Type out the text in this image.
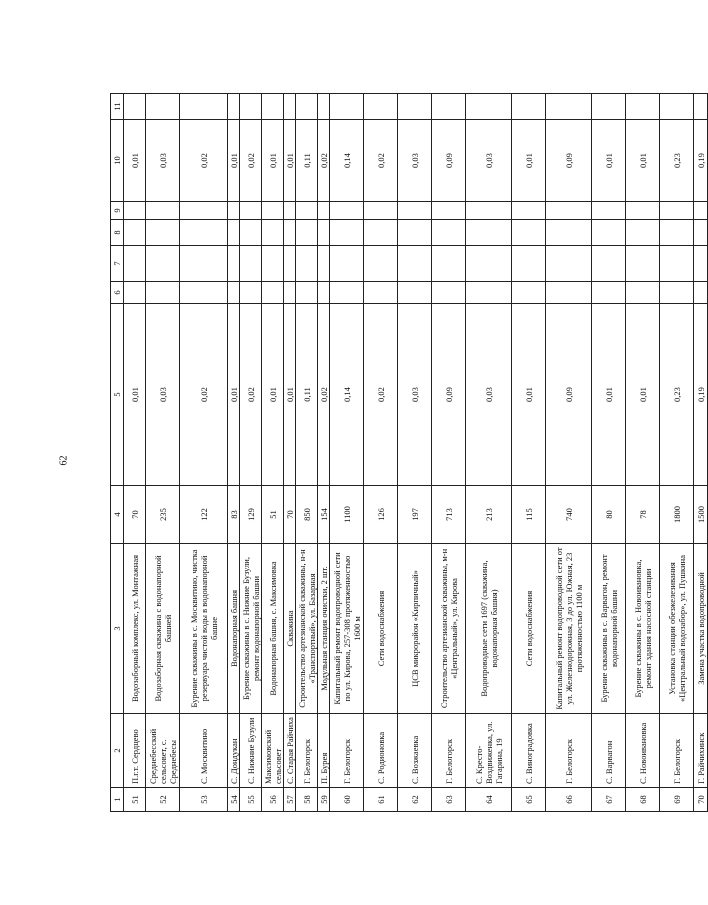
62
1	2	3	4	5	6	7	8	9	10	11
51	П.г.т. Сердцево	Водозаборный комплекс, ул. Монтажная	70	0,01					0,01	
52	Среднебесский сельсовет, с. Среднебесы	Водозаборная скважина с водонапорной башней	235	0,03					0,03	
53	С. Москвитино	Бурение скважины в с. Москвитино, чистка резервуара чистой воды в водонапорной башне	122	0,02					0,02	
54	С. Дондукан	Водонапорная башня	83	0,01					0,01	
55	С. Нижние Бузули	Бурение скважины в с. Нижние Бузули, ремонт водонапорной башни	129	0,02					0,02	
56	Максимовский сельсовет	Водонапорная башня, с. Максимовка	51	0,01					0,01	
57	С. Старая Райчиха	Скважина	70	0,01					0,01	
58	Г. Белогорск	Строительство артезианской скважины, н-н «Транспортный», ул. Базарная	850	0,11					0,11	
59	П. Бурея	Модульная станция очистки, 2 шт.	154	0,02					0,02	
60	Г. Белогорск	Капитальный ремонт водопроводной сети по ул. Кирова, 257-308 протяженностью 1600 м	1100	0,14					0,14	
61	С. Родионовка	Сети водоснабжения	126	0,02					0,02	
62	С. Возжаевка	ЦСВ микрорайон «Кирпичный»	197	0,03					0,03	
63	Г. Белогорск	Строительство артезианской скважины, м-н «Центральный», ул. Кирова	713	0,09					0,09	
64	С. Кресто-Воздвиженка, ул. Гагарина, 19	Водопроводные сети 1697 (скважина, водонапорная башня)	213	0,03					0,03	
65	С. Виноградовка	Сети водоснабжения	115	0,01					0,01	
66	Г. Белогорск	Капитальный ремонт водопроводной сети от ул. Железнодорожная, 3 до ул. Южная, 23 протяженностью 1100 м	740	0,09					0,09	
67	С. Варвагон	Бурение скважины в с. Варвагон, ремонт водонапорной башни	80	0,01					0,01	
68	С. Новоивановка	Бурение скважины в с. Новоивановка, ремонт здания насосной станции	78	0,01					0,01	
69	Г. Белогорск	Установка станции обезжелезивания «Центральный водозабор», ул. Пушкина	1800	0,23					0,23	
70	Г. Райчихинск	Замена участка водопроводной	1500	0,19					0,19	
